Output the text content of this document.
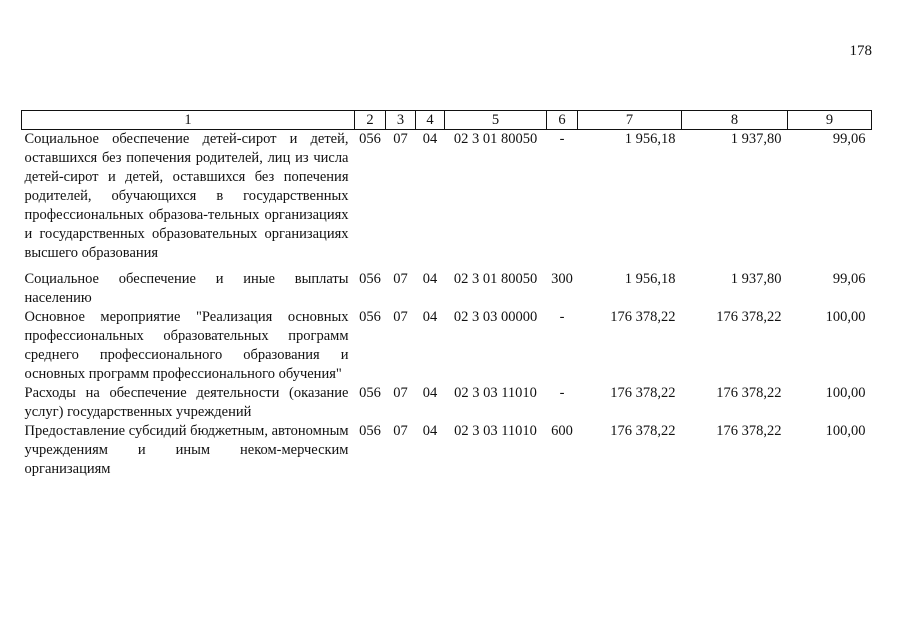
178
1	2	3	4	5	6	7	8	9
Социальное обеспечение детей-сирот и детей, оставшихся без попечения родителей, лиц из числа детей-сирот и детей, оставшихся без попечения родителей, обучающихся в государственных профессиональных образова-тельных организациях и государственных образовательных организациях высшего образования	056	07	04	02 3 01 80050	-	1 956,18	1 937,80	99,06
Социальное обеспечение и иные выплаты населению	056	07	04	02 3 01 80050	300	1 956,18	1 937,80	99,06
Основное мероприятие "Реализация основных профессиональных образовательных программ среднего профессионального образования и основных программ профессионального обучения"	056	07	04	02 3 03 00000	-	176 378,22	176 378,22	100,00
Расходы на обеспечение деятельности (оказание услуг) государственных учреждений	056	07	04	02 3 03 11010	-	176 378,22	176 378,22	100,00
Предоставление субсидий бюджетным, автономным учреждениям и иным неком-мерческим организациям	056	07	04	02 3 03 11010	600	176 378,22	176 378,22	100,00
